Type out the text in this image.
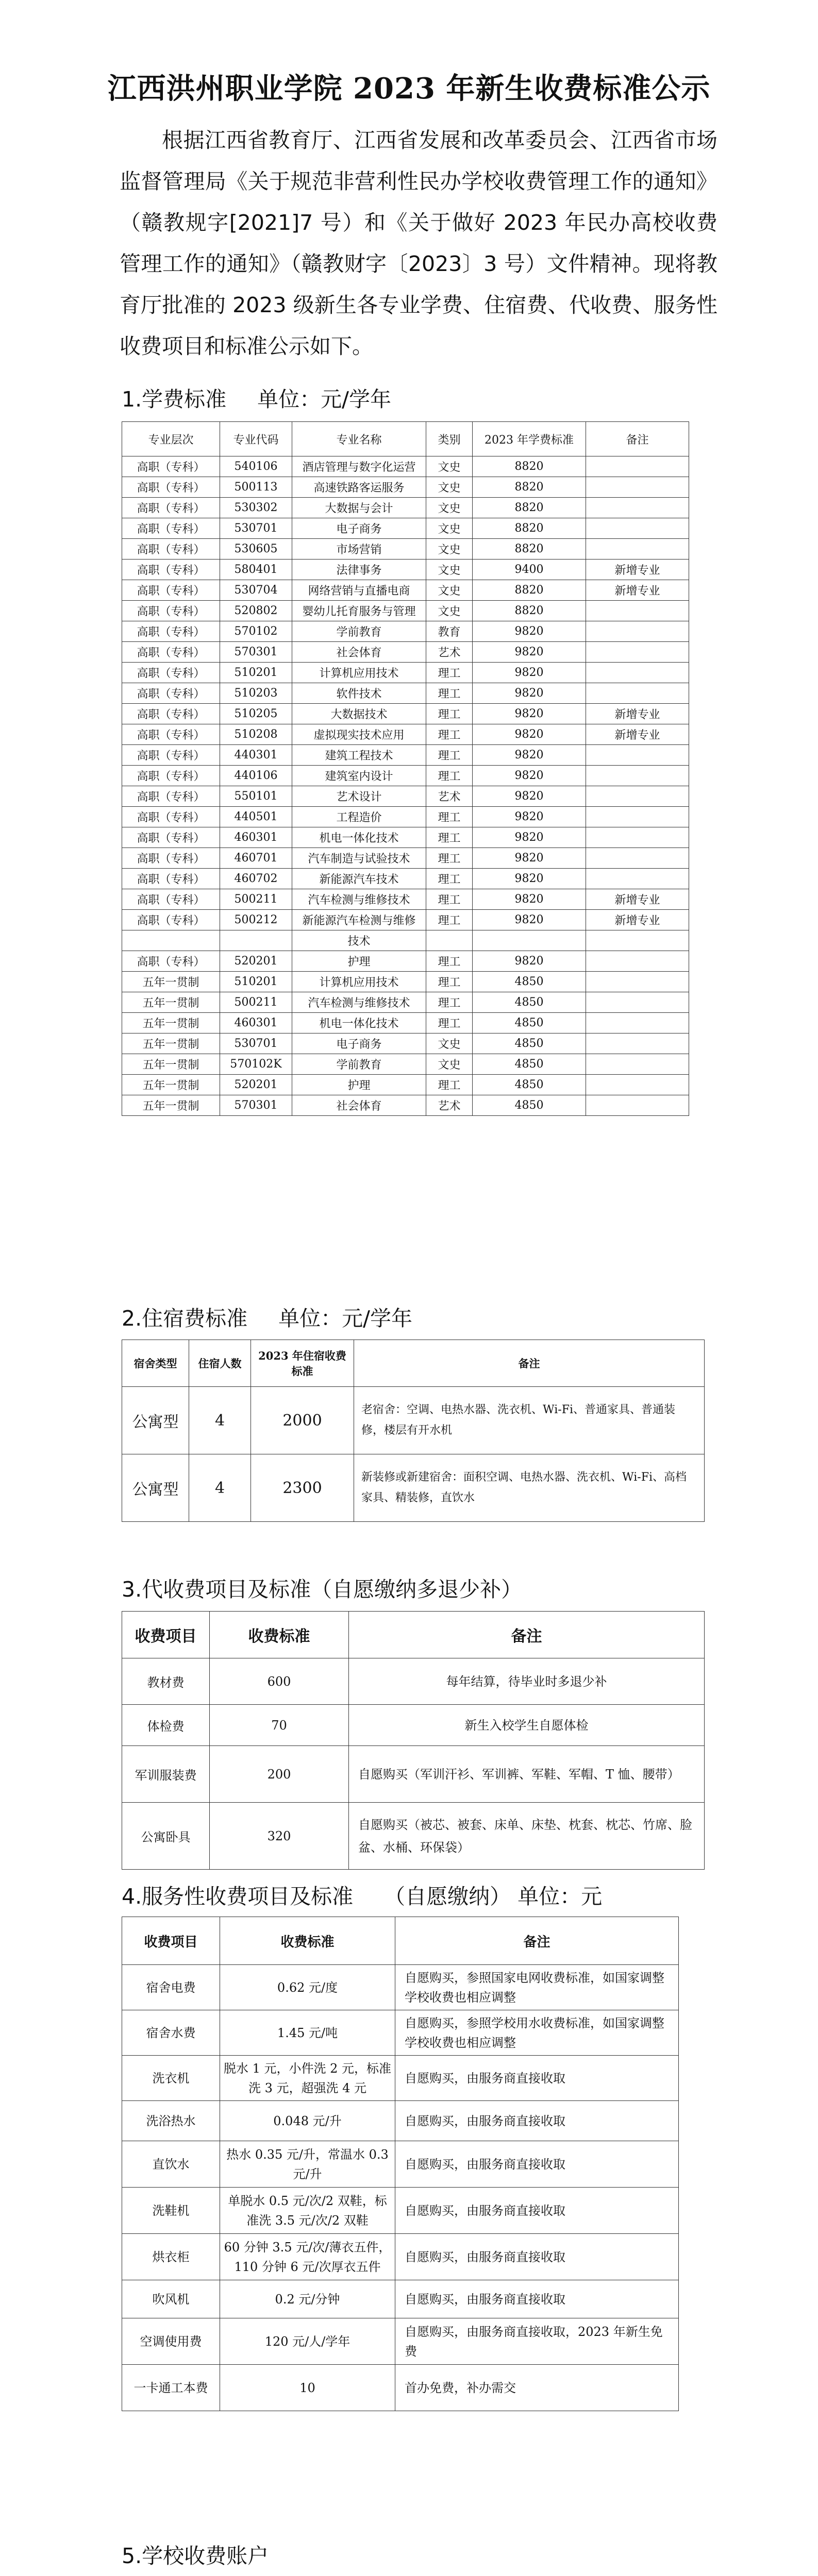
江西洪州职业学院 2023 年新生收费标准公示

根据江西省教育厅、江西省发展和改革委员会、江西省市场监督管理局《关于规范非营利性民办学校收费管理工作的通知》（赣教规字[2021]7 号）和《关于做好 2023 年民办高校收费管理工作的通知》（赣教财字〔2023〕3 号）文件精神。现将教育厅批准的 2023 级新生各专业学费、住宿费、代收费、服务性收费项目和标准公示如下。

1.学费标准 单位：元/学年
专业层次	专业代码	专业名称	类别	2023 年学费标准	备注
高职（专科）	540106	酒店管理与数字化运营	文史	8820	
高职（专科）	500113	高速铁路客运服务	文史	8820	
高职（专科）	530302	大数据与会计	文史	8820	
高职（专科）	530701	电子商务	文史	8820	
高职（专科）	530605	市场营销	文史	8820	
高职（专科）	580401	法律事务	文史	9400	新增专业
高职（专科）	530704	网络营销与直播电商	文史	8820	新增专业
高职（专科）	520802	婴幼儿托育服务与管理	文史	8820	
高职（专科）	570102	学前教育	教育	9820	
高职（专科）	570301	社会体育	艺术	9820	
高职（专科）	510201	计算机应用技术	理工	9820	
高职（专科）	510203	软件技术	理工	9820	
高职（专科）	510205	大数据技术	理工	9820	新增专业
高职（专科）	510208	虚拟现实技术应用	理工	9820	新增专业
高职（专科）	440301	建筑工程技术	理工	9820	
高职（专科）	440106	建筑室内设计	理工	9820	
高职（专科）	550101	艺术设计	艺术	9820	
高职（专科）	440501	工程造价	理工	9820	
高职（专科）	460301	机电一体化技术	理工	9820	
高职（专科）	460701	汽车制造与试验技术	理工	9820	
高职（专科）	460702	新能源汽车技术	理工	9820	
高职（专科）	500211	汽车检测与维修技术	理工	9820	新增专业
高职（专科）	500212	新能源汽车检测与维修	理工	9820	新增专业
		技术			
高职（专科）	520201	护理	理工	9820	
五年一贯制	510201	计算机应用技术	理工	4850	
五年一贯制	500211	汽车检测与维修技术	理工	4850	
五年一贯制	460301	机电一体化技术	理工	4850	
五年一贯制	530701	电子商务	文史	4850	
五年一贯制	570102K	学前教育	文史	4850	
五年一贯制	520201	护理	理工	4850	
五年一贯制	570301	社会体育	艺术	4850	
2.住宿费标准 单位：元/学年
宿舍类型	住宿人数	2023 年住宿收费标准	备注
公寓型	4	2000	老宿舍：空调、电热水器、洗衣机、Wi-Fi、普通家具、普通装修，楼层有开水机
公寓型	4	2300	新装修或新建宿舍：面积空调、电热水器、洗衣机、Wi-Fi、高档家具、精装修，直饮水
3.代收费项目及标准（自愿缴纳多退少补）
收费项目	收费标准	备注
教材费	600	每年结算，待毕业时多退少补
体检费	70	新生入校学生自愿体检
军训服装费	200	自愿购买（军训汗衫、军训裤、军鞋、军帽、T 恤、腰带）
公寓卧具	320	自愿购买（被芯、被套、床单、床垫、枕套、枕芯、竹席、脸盆、水桶、环保袋）
4.服务性收费项目及标准 （自愿缴纳） 单位：元
收费项目	收费标准	备注
宿舍电费	0.62 元/度	自愿购买，参照国家电网收费标准，如国家调整学校收费也相应调整
宿舍水费	1.45 元/吨	自愿购买，参照学校用水收费标准，如国家调整学校收费也相应调整
洗衣机	脱水 1 元，小件洗 2 元，标准洗 3 元，超强洗 4 元	自愿购买，由服务商直接收取
洗浴热水	0.048 元/升	自愿购买，由服务商直接收取
直饮水	热水 0.35 元/升，常温水 0.3 元/升	自愿购买，由服务商直接收取
洗鞋机	单脱水 0.5 元/次/2 双鞋，标准洗 3.5 元/次/2 双鞋	自愿购买，由服务商直接收取
烘衣柜	60 分钟 3.5 元/次/薄衣五件，110 分钟 6 元/次厚衣五件	自愿购买，由服务商直接收取
吹风机	0.2 元/分钟	自愿购买，由服务商直接收取
空调使用费	120 元/人/学年	自愿购买，由服务商直接收取，2023 年新生免费
一卡通工本费	10	首办免费，补办需交
5.学校收费账户
